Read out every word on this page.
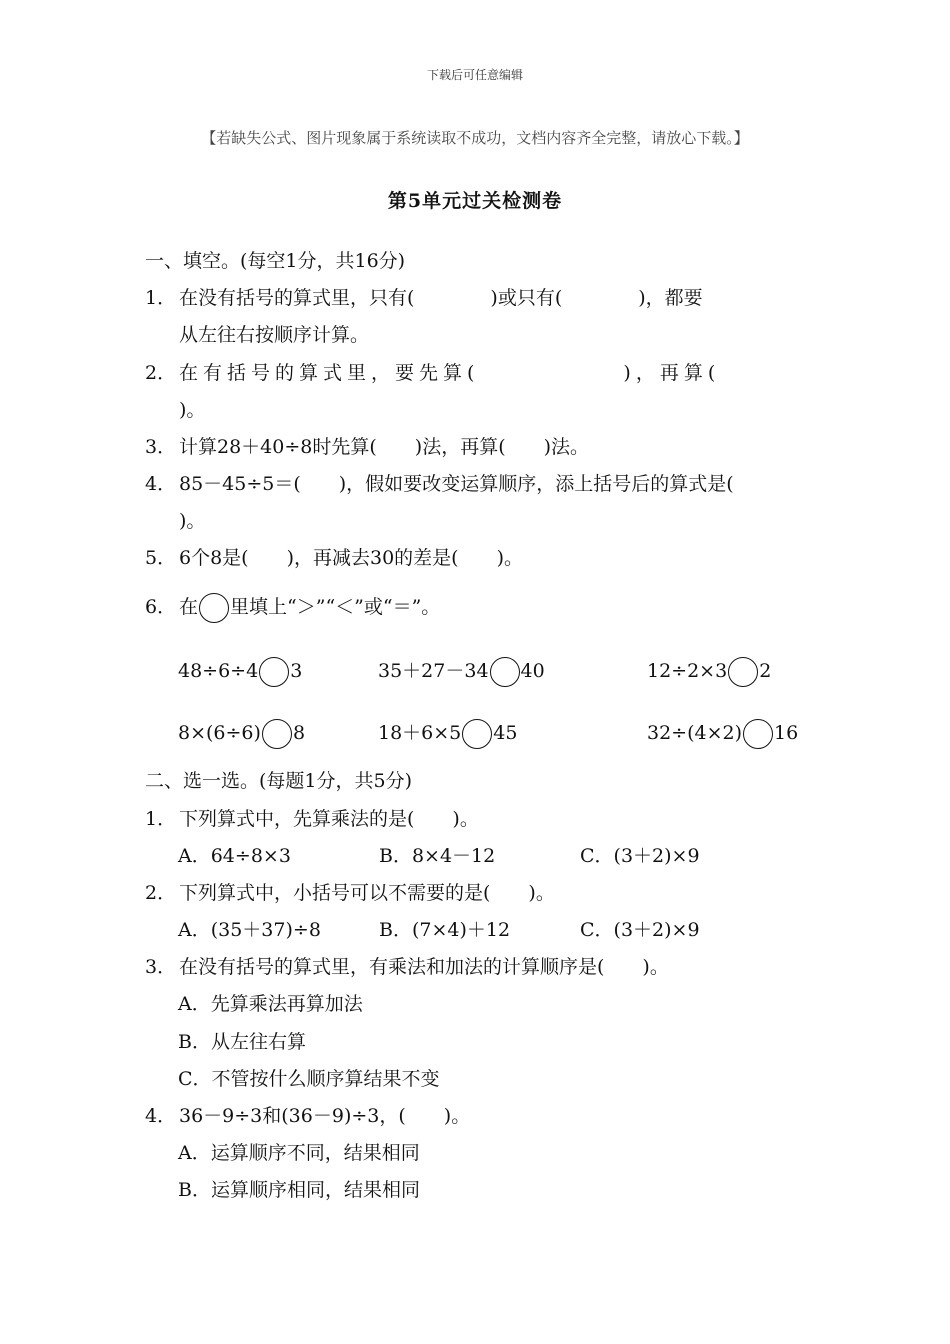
下载后可任意编辑
【若缺失公式、图片现象属于系统读取不成功，文档内容齐全完整，请放心下载。】
第5单元过关检测卷
一、填空。(每空1分，共16分)
1． 在没有括号的算式里，只有(　　　　)或只有(　　　　)，都要
从左往右按顺序计算。
2． 在有括号的算式里，要先算(　　　　　　)，再算(
)。
3． 计算28＋40÷8时先算(　　)法，再算(　　)法。
4． 85－45÷5＝(　　)，假如要改变运算顺序，添上括号后的算式是(
)。
5． 6个8是(　　)，再减去30的差是(　　)。
6． 在 里填上“＞”“＜”或“＝”。
48÷6÷4 3	35＋27－34 40	12÷2×3 2
8×(6÷6) 8	18＋6×5 45	32÷(4×2) 16
二、选一选。(每题1分，共5分)
1． 下列算式中，先算乘法的是(　　)。
A．64÷8×3	B．8×4－12	C．(3＋2)×9
2． 下列算式中，小括号可以不需要的是(　　)。
A．(35＋37)÷8	B．(7×4)＋12	C．(3＋2)×9
3． 在没有括号的算式里，有乘法和加法的计算顺序是(　　)。
A．先算乘法再算加法
B．从左往右算
C．不管按什么顺序算结果不变
4． 36－9÷3和(36－9)÷3，(　　)。
A．运算顺序不同，结果相同
B．运算顺序相同，结果相同
